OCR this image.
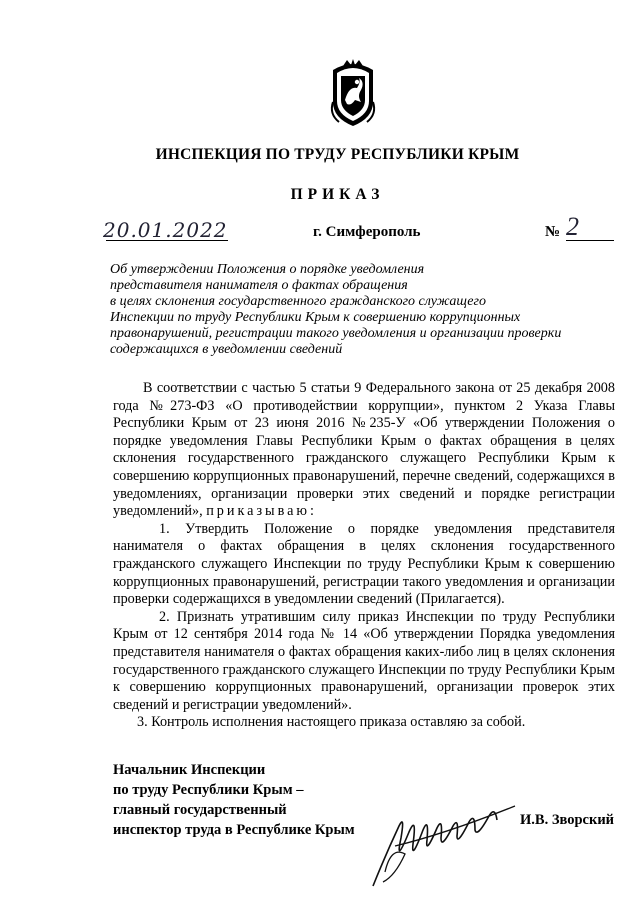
ИНСПЕКЦИЯ ПО ТРУДУ РЕСПУБЛИКИ КРЫМ
ПРИКАЗ
20.01.2022	г. Симферополь	№ 2
Об утверждении Положения о порядке уведомления
представителя нанимателя о фактах обращения
в целях склонения государственного гражданского служащего
Инспекции по труду Республики Крым к совершению коррупционных
правонарушений, регистрации такого уведомления и организации проверки
содержащихся в уведомлении сведений

В соответствии с частью 5 статьи 9 Федерального закона от 25 декабря 2008 года №273-ФЗ «О противодействии коррупции», пунктом 2 Указа Главы Республики Крым от 23 июня 2016 №235-У «Об утверждении Положения о порядке уведомления Главы Республики Крым о фактах обращения в целях склонения государственного гражданского служащего Республики Крым к совершению коррупционных правонарушений, перечне сведений, содержащихся в уведомлениях, организации проверки этих сведений и порядке регистрации уведомлений», приказываю:

1. Утвердить Положение о порядке уведомления представителя нанимателя о фактах обращения в целях склонения государственного гражданского служащего Инспекции по труду Республики Крым к совершению коррупционных правонарушений, регистрации такого уведомления и организации проверки содержащихся в уведомлении сведений (Прилагается).

2. Признать утратившим силу приказ Инспекции по труду Республики Крым от 12 сентября 2014 года № 14 «Об утверждении Порядка уведомления представителя нанимателя о фактах обращения каких-либо лиц в целях склонения государственного гражданского служащего Инспекции по труду Республики Крым к совершению коррупционных правонарушений, организации проверок этих сведений и регистрации уведомлений».

3. Контроль исполнения настоящего приказа оставляю за собой.

Начальник Инспекции
по труду Республики Крым –
главный государственный
инспектор труда в Республике Крым
И.В. Зворский
